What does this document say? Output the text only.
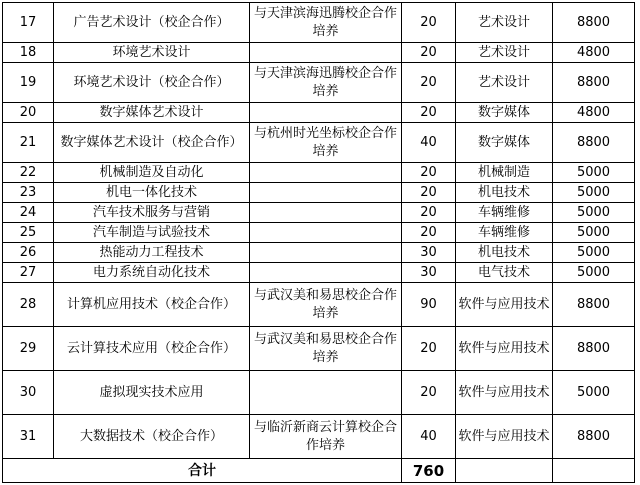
17	广告艺术设计（校企合作）	与天津滨海迅腾校企合作培养	20	艺术设计	8800
18	环境艺术设计		20	艺术设计	4800
19	环境艺术设计（校企合作）	与天津滨海迅腾校企合作培养	20	艺术设计	8800
20	数字媒体艺术设计		20	数字媒体	4800
21	数字媒体艺术设计（校企合作）	与杭州时光坐标校企合作培养	40	数字媒体	8800
22	机械制造及自动化		20	机械制造	5000
23	机电一体化技术		20	机电技术	5000
24	汽车技术服务与营销		20	车辆维修	5000
25	汽车制造与试验技术		20	车辆维修	5000
26	热能动力工程技术		30	机电技术	5000
27	电力系统自动化技术		30	电气技术	5000
28	计算机应用技术（校企合作）	与武汉美和易思校企合作培养	90	软件与应用技术	8800
29	云计算技术应用（校企合作）	与武汉美和易思校企合作培养	20	软件与应用技术	8800
30	虚拟现实技术应用		20	软件与应用技术	5000
31	大数据技术（校企合作）	与临沂新商云计算校企合作培养	40	软件与应用技术	8800
合计			760		
